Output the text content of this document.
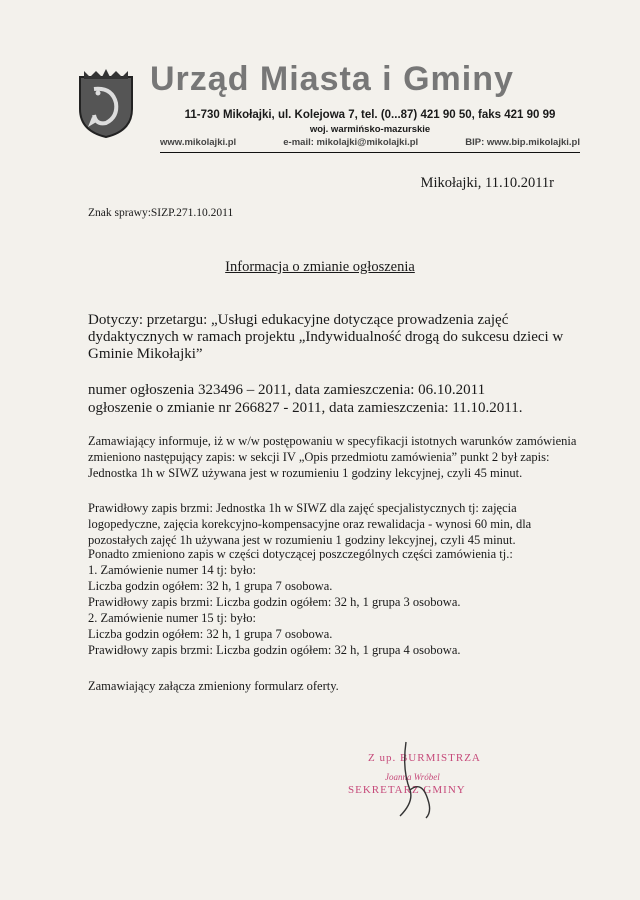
Urząd Miasta i Gminy
11-730 Mikołajki, ul. Kolejowa 7, tel. (0...87) 421 90 50, faks 421 90 99
woj. warmińsko-mazurskie
www.mikolajki.pl	e-mail: mikolajki@mikolajki.pl	BIP: www.bip.mikolajki.pl
Mikołajki, 11.10.2011r
Znak sprawy:SIZP.271.10.2011
Informacja o zmianie ogłoszenia
Dotyczy: przetargu: „Usługi edukacyjne dotyczące prowadzenia zajęć dydaktycznych w ramach projektu „Indywidualność drogą do sukcesu dzieci w Gminie Mikołajki”
numer ogłoszenia 323496 – 2011, data zamieszczenia: 06.10.2011
ogłoszenie o zmianie nr 266827 - 2011, data zamieszczenia: 11.10.2011.
Zamawiający informuje, iż w w/w postępowaniu w specyfikacji istotnych warunków zamówienia zmieniono następujący zapis: w sekcji IV „Opis przedmiotu zamówienia” punkt 2 był zapis: Jednostka 1h w SIWZ używana jest w rozumieniu 1 godziny lekcyjnej, czyli 45 minut.
Prawidłowy zapis brzmi: Jednostka 1h w SIWZ dla zajęć specjalistycznych tj: zajęcia logopedyczne, zajęcia korekcyjno-kompensacyjne oraz rewalidacja - wynosi 60 min, dla pozostałych zajęć 1h używana jest w rozumieniu 1 godziny lekcyjnej, czyli 45 minut.
Ponadto zmieniono zapis w części dotyczącej poszczególnych części zamówienia tj.:
1. Zamówienie numer 14 tj: było:
Liczba godzin ogółem: 32 h, 1 grupa 7 osobowa.
Prawidłowy zapis brzmi: Liczba godzin ogółem: 32 h, 1 grupa 3 osobowa.
2. Zamówienie numer 15 tj: było:
Liczba godzin ogółem: 32 h, 1 grupa 7 osobowa.
Prawidłowy zapis brzmi: Liczba godzin ogółem: 32 h, 1 grupa 4 osobowa.
Zamawiający załącza zmieniony formularz oferty.
Z up. BURMISTRZA
Joanna Wróbel
SEKRETARZ GMINY
